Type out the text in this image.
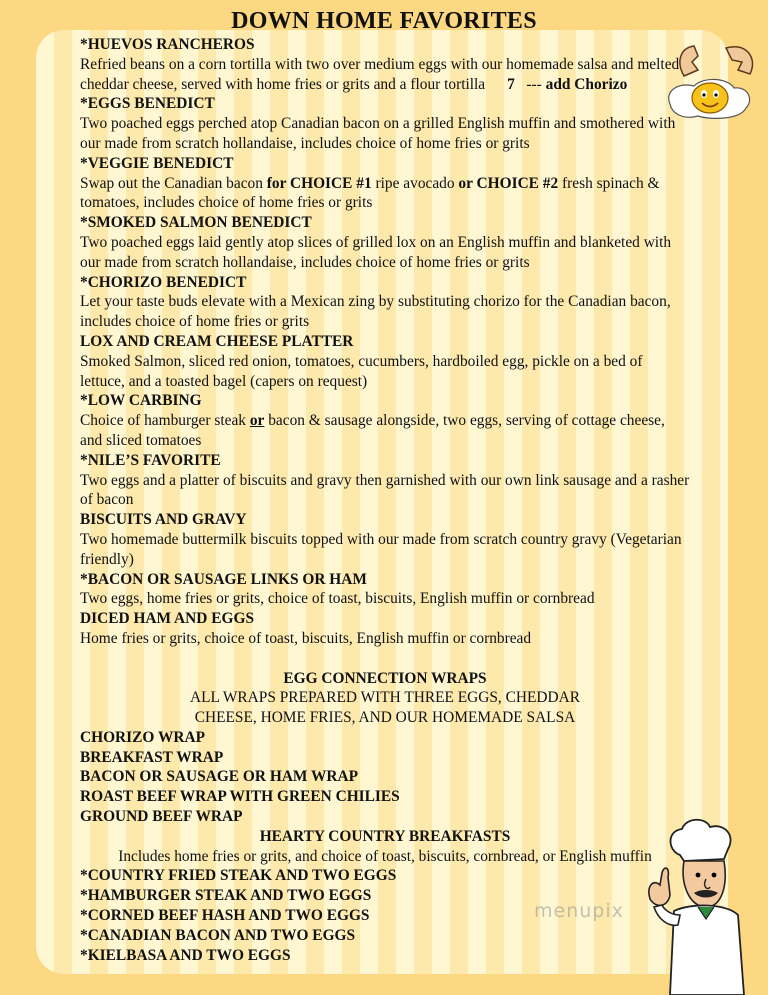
DOWN HOME FAVORITES
*HUEVOS RANCHEROS
Refried beans on a corn tortilla with two over medium eggs with our homemade salsa and melted cheddar cheese, served with home fries or grits and a flour tortilla 7 --- add Chorizo
*EGGS BENEDICT
Two poached eggs perched atop Canadian bacon on a grilled English muffin and smothered with our made from scratch hollandaise, includes choice of home fries or grits
*VEGGIE BENEDICT
Swap out the Canadian bacon for CHOICE #1 ripe avocado or CHOICE #2 fresh spinach & tomatoes, includes choice of home fries or grits
*SMOKED SALMON BENEDICT
Two poached eggs laid gently atop slices of grilled lox on an English muffin and blanketed with our made from scratch hollandaise, includes choice of home fries or grits
*CHORIZO BENEDICT
Let your taste buds elevate with a Mexican zing by substituting chorizo for the Canadian bacon, includes choice of home fries or grits
LOX AND CREAM CHEESE PLATTER
Smoked Salmon, sliced red onion, tomatoes, cucumbers, hardboiled egg, pickle on a bed of lettuce, and a toasted bagel (capers on request)
*LOW CARBING
Choice of hamburger steak or bacon & sausage alongside, two eggs, serving of cottage cheese, and sliced tomatoes
*NILE’S FAVORITE
Two eggs and a platter of biscuits and gravy then garnished with our own link sausage and a rasher of bacon
BISCUITS AND GRAVY
Two homemade buttermilk biscuits topped with our made from scratch country gravy (Vegetarian friendly)
*BACON OR SAUSAGE LINKS OR HAM
Two eggs, home fries or grits, choice of toast, biscuits, English muffin or cornbread
DICED HAM AND EGGS
Home fries or grits, choice of toast, biscuits, English muffin or cornbread
EGG CONNECTION WRAPS
ALL WRAPS PREPARED WITH THREE EGGS, CHEDDAR CHEESE, HOME FRIES, AND OUR HOMEMADE SALSA
CHORIZO WRAP
BREAKFAST WRAP
BACON OR SAUSAGE OR HAM WRAP
ROAST BEEF WRAP WITH GREEN CHILIES
GROUND BEEF WRAP
HEARTY COUNTRY BREAKFASTS
Includes home fries or grits, and choice of toast, biscuits, cornbread, or English muffin
*COUNTRY FRIED STEAK AND TWO EGGS
*HAMBURGER STEAK AND TWO EGGS
*CORNED BEEF HASH AND TWO EGGS
*CANADIAN BACON AND TWO EGGS
*KIELBASA AND TWO EGGS
menupix
